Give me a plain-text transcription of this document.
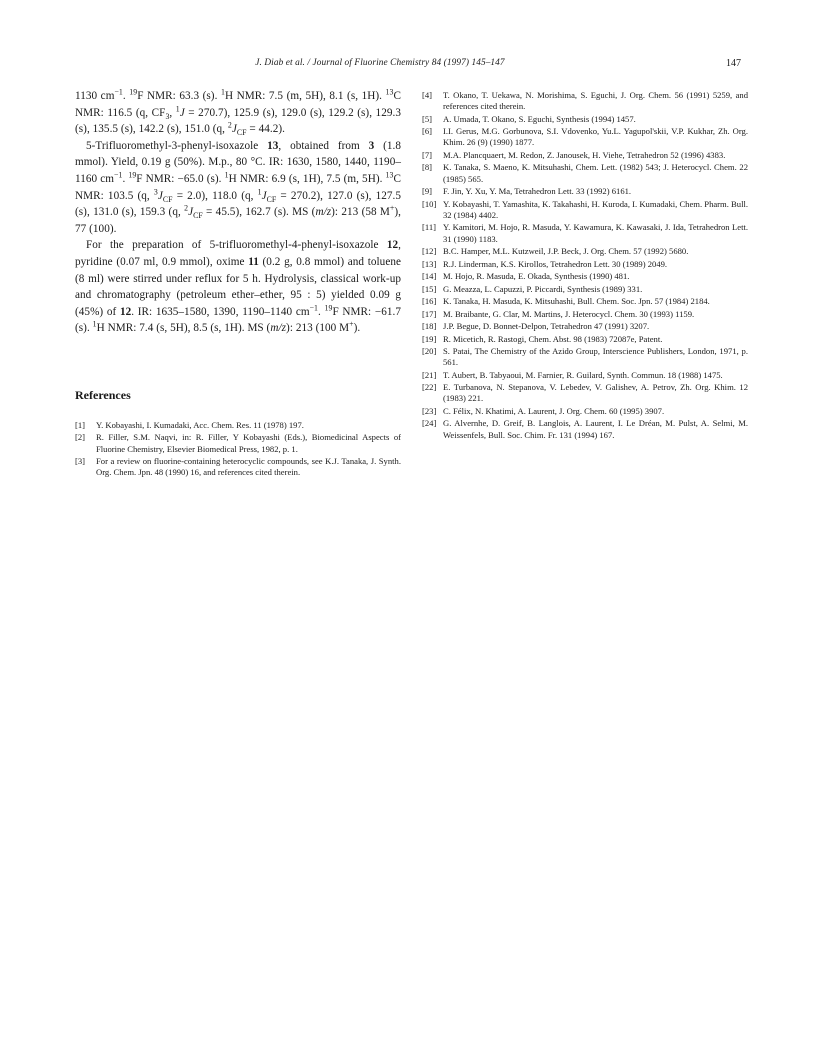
J. Diab et al. / Journal of Fluorine Chemistry 84 (1997) 145–147	147

1130 $cm^{-1}$. $^{19}$F NMR: 63.3 (s). $^1$H NMR: 7.5 (m, 5H), 8.1 (s, 1H). $^{13}$C NMR: 116.5 (q, $CF_3$, $^1$J = 270.7), 125.9 (s), 129.0 (s), 129.2 (s), 129.3 (s), 135.5 (s), 142.2 (s), 151.0 (q, $^2J_{CF} = 44.2$).

5-Trifluoromethyl-3-phenyl-isoxazole 13, obtained from 3 (1.8 mmol). Yield, 0.19 g (50%). M.p., 80 °C. IR: 1630, 1580, 1440, 1190–1160 $cm^{-1}$. $^{19}$F NMR: −65.0 (s). $^1$H NMR: 6.9 (s, 1H), 7.5 (m, 5H). $^{13}$C NMR: 103.5 (q, $^3J_{CF} = 2.0$), 118.0 (q, $^1J_{CF} = 270.2$), 127.0 (s), 127.5 (s), 131.0 (s), 159.3 (q, $^2J_{CF} = 45.5$), 162.7 (s). MS (m/z): 213 (58 M+), 77 (100).

For the preparation of 5-trifluoromethyl-4-phenyl-isoxazole 12, pyridine (0.07 ml, 0.9 mmol), oxime 11 (0.2 g, 0.8 mmol) and toluene (8 ml) were stirred under reflux for 5 h. Hydrolysis, classical work-up and chromatography (petroleum ether–ether, 95 : 5) yielded 0.09 g (45%) of 12. IR: 1635–1580, 1390, 1190–1140 $cm^{-1}$. $^{19}$F NMR: −61.7 (s). $^1$H NMR: 7.4 (s, 5H), 8.5 (s, 1H). MS (m/z): 213 (100 M+).

References
[1]	Y. Kobayashi, I. Kumadaki, Acc. Chem. Res. 11 (1978) 197.
[2]	R. Filler, S.M. Naqvi, in: R. Filler, Y Kobayashi (Eds.), Biomedicinal Aspects of Fluorine Chemistry, Elsevier Biomedical Press, 1982, p. 1.
[3]	For a review on fluorine-containing heterocyclic compounds, see K.J. Tanaka, J. Synth. Org. Chem. Jpn. 48 (1990) 16, and references cited therein.
[4]	T. Okano, T. Uekawa, N. Morishima, S. Eguchi, J. Org. Chem. 56 (1991) 5259, and references cited therein.
[5]	A. Umada, T. Okano, S. Eguchi, Synthesis (1994) 1457.
[6]	I.I. Gerus, M.G. Gorbunova, S.I. Vdovenko, Yu.L. Yagupol'skii, V.P. Kukhar, Zh. Org. Khim. 26 (9) (1990) 1877.
[7]	M.A. Plancquaert, M. Redon, Z. Janousek, H. Viehe, Tetrahedron 52 (1996) 4383.
[8]	K. Tanaka, S. Maeno, K. Mitsuhashi, Chem. Lett. (1982) 543; J. Heterocycl. Chem. 22 (1985) 565.
[9]	F. Jin, Y. Xu, Y. Ma, Tetrahedron Lett. 33 (1992) 6161.
[10] Y. Kobayashi, T. Yamashita, K. Takahashi, H. Kuroda, I. Kumadaki, Chem. Pharm. Bull. 32 (1984) 4402.
[11] Y. Kamitori, M. Hojo, R. Masuda, Y. Kawamura, K. Kawasaki, J. Ida, Tetrahedron Lett. 31 (1990) 1183.
[12] B.C. Hamper, M.L. Kutzweil, J.P. Beck, J. Org. Chem. 57 (1992) 5680.
[13] R.J. Linderman, K.S. Kirollos, Tetrahedron Lett. 30 (1989) 2049.
[14] M. Hojo, R. Masuda, E. Okada, Synthesis (1990) 481.
[15] G. Meazza, L. Capuzzi, P. Piccardi, Synthesis (1989) 331.
[16] K. Tanaka, H. Masuda, K. Mitsuhashi, Bull. Chem. Soc. Jpn. 57 (1984) 2184.
[17] M. Braibante, G. Clar, M. Martins, J. Heterocycl. Chem. 30 (1993) 1159.
[18] J.P. Begue, D. Bonnet-Delpon, Tetrahedron 47 (1991) 3207.
[19] R. Micetich, R. Rastogi, Chem. Abst. 98 (1983) 72087e, Patent.
[20] S. Patai, The Chemistry of the Azido Group, Interscience Publishers, London, 1971, p. 561.
[21] T. Aubert, B. Tabyaoui, M. Farnier, R. Guilard, Synth. Commun. 18 (1988) 1475.
[22] E. Turbanova, N. Stepanova, V. Lebedev, V. Galishev, A. Petrov, Zh. Org. Khim. 12 (1983) 221.
[23] C. Félix, N. Khatimi, A. Laurent, J. Org. Chem. 60 (1995) 3907.
[24] G. Alvernhe, D. Greif, B. Langlois, A. Laurent, I. Le Dréan, M. Pulst, A. Selmi, M. Weissenfels, Bull. Soc. Chim. Fr. 131 (1994) 167.
